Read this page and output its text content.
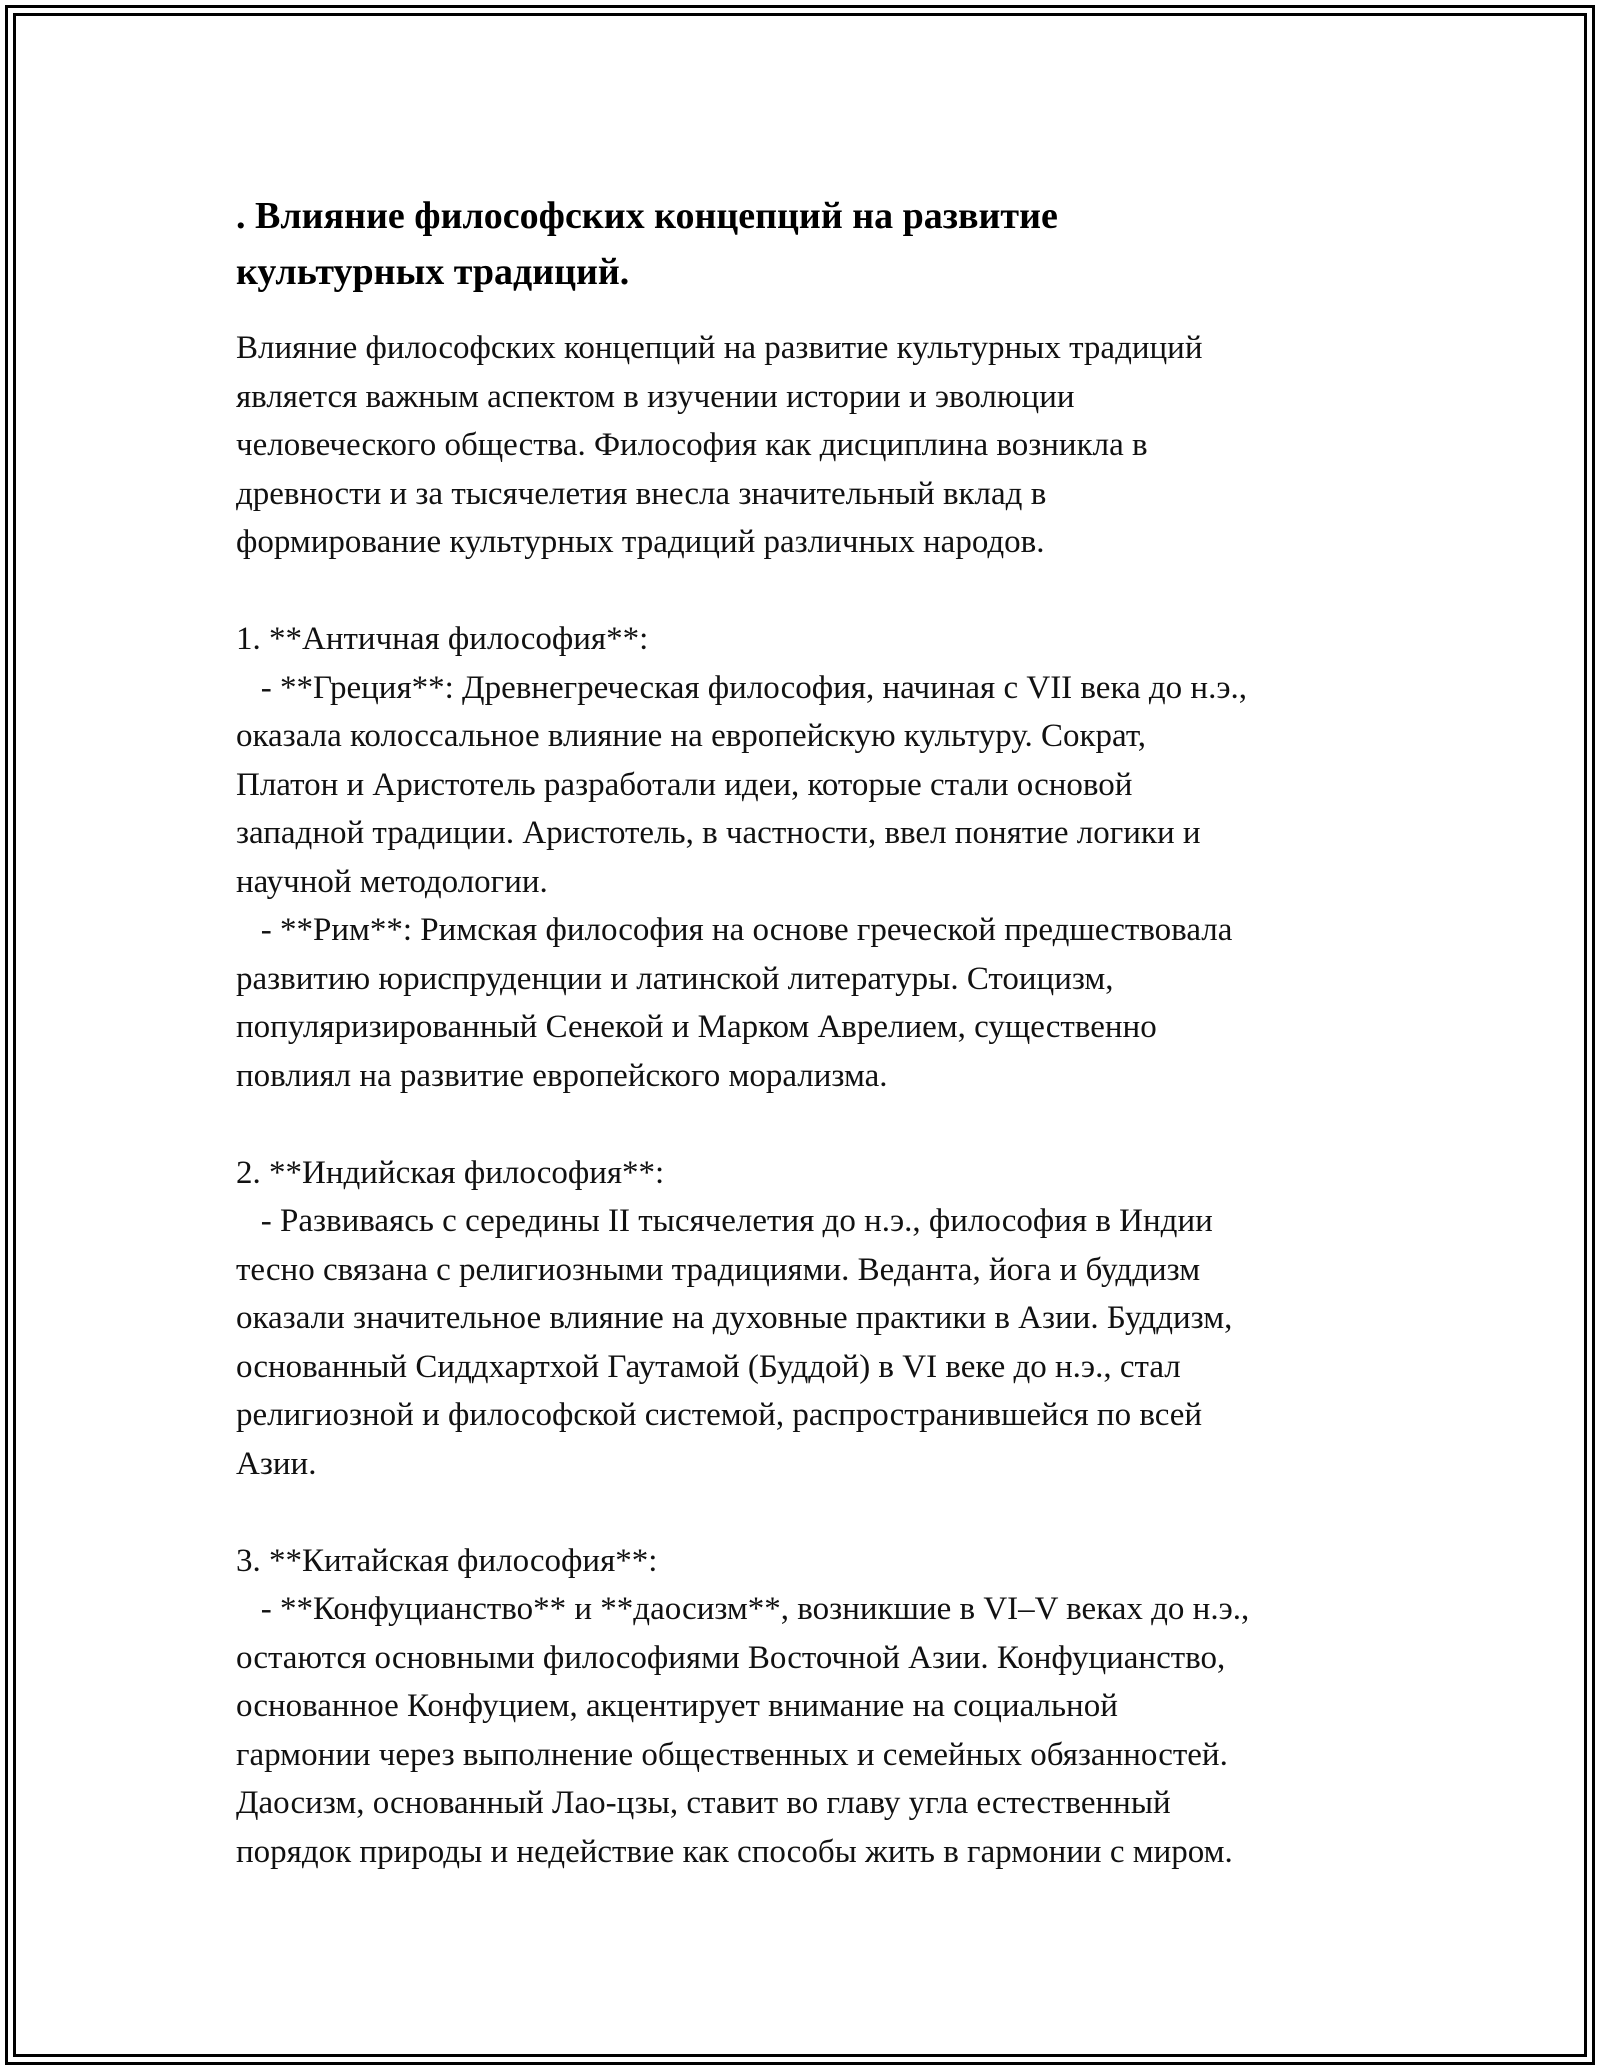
. Влияние философских концепций на развитие
культурных традиций.
Влияние философских концепций на развитие культурных традиций
является важным аспектом в изучении истории и эволюции
человеческого общества. Философия как дисциплина возникла в
древности и за тысячелетия внесла значительный вклад в
формирование культурных традиций различных народов.
1. **Античная философия**:
- **Греция**: Древнегреческая философия, начиная с VII века до н.э.,
оказала колоссальное влияние на европейскую культуру. Сократ,
Платон и Аристотель разработали идеи, которые стали основой
западной традиции. Аристотель, в частности, ввел понятие логики и
научной методологии.
- **Рим**: Римская философия на основе греческой предшествовала
развитию юриспруденции и латинской литературы. Стоицизм,
популяризированный Сенекой и Марком Аврелием, существенно
повлиял на развитие европейского морализма.
2. **Индийская философия**:
- Развиваясь с середины II тысячелетия до н.э., философия в Индии
тесно связана с религиозными традициями. Веданта, йога и буддизм
оказали значительное влияние на духовные практики в Азии. Буддизм,
основанный Сиддхартхой Гаутамой (Буддой) в VI веке до н.э., стал
религиозной и философской системой, распространившейся по всей
Азии.
3. **Китайская философия**:
- **Конфуцианство** и **даосизм**, возникшие в VI–V веках до н.э.,
остаются основными философиями Восточной Азии. Конфуцианство,
основанное Конфуцием, акцентирует внимание на социальной
гармонии через выполнение общественных и семейных обязанностей.
Даосизм, основанный Лао-цзы, ставит во главу угла естественный
порядок природы и недействие как способы жить в гармонии с миром.
